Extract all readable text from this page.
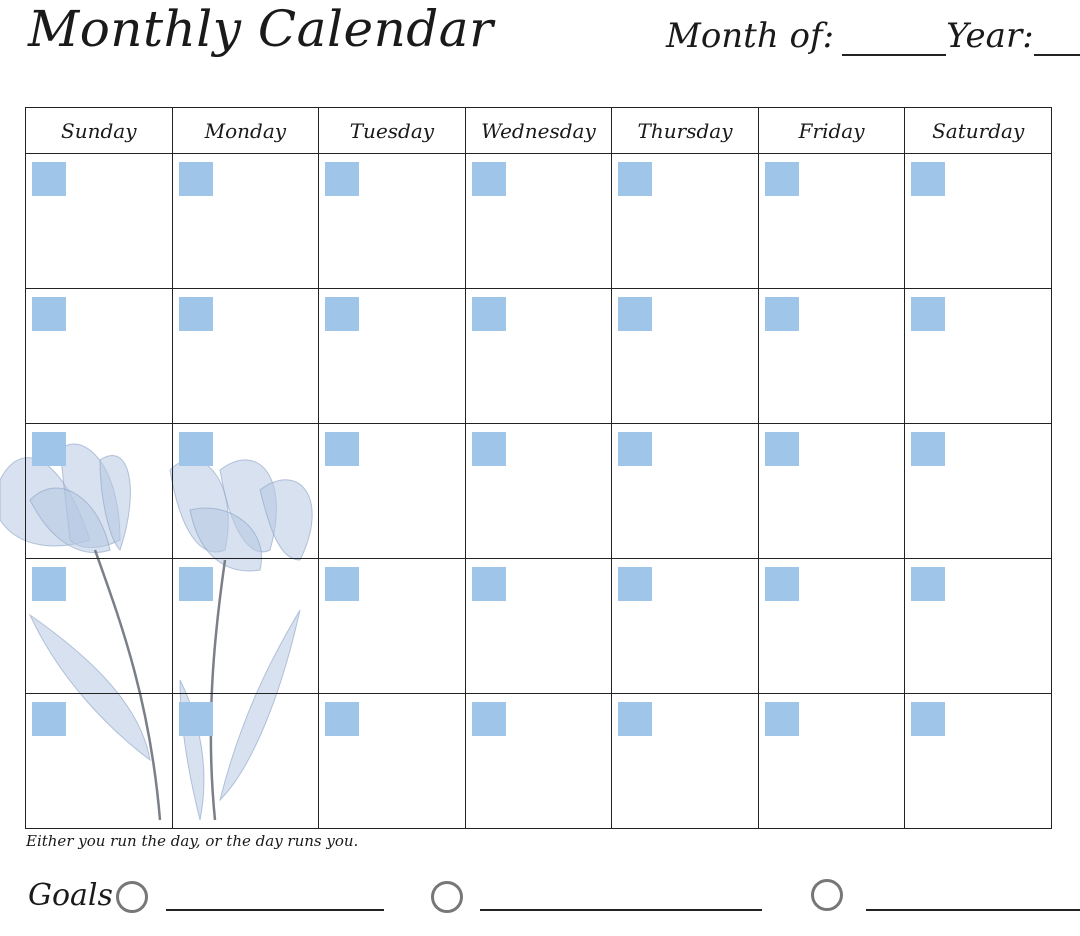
Monthly Calendar	Month of:	Year:
Sunday	Monday	Tuesday	Wednesday	Thursday	Friday	Saturday

Either you run the day, or the day runs you.
Goals
